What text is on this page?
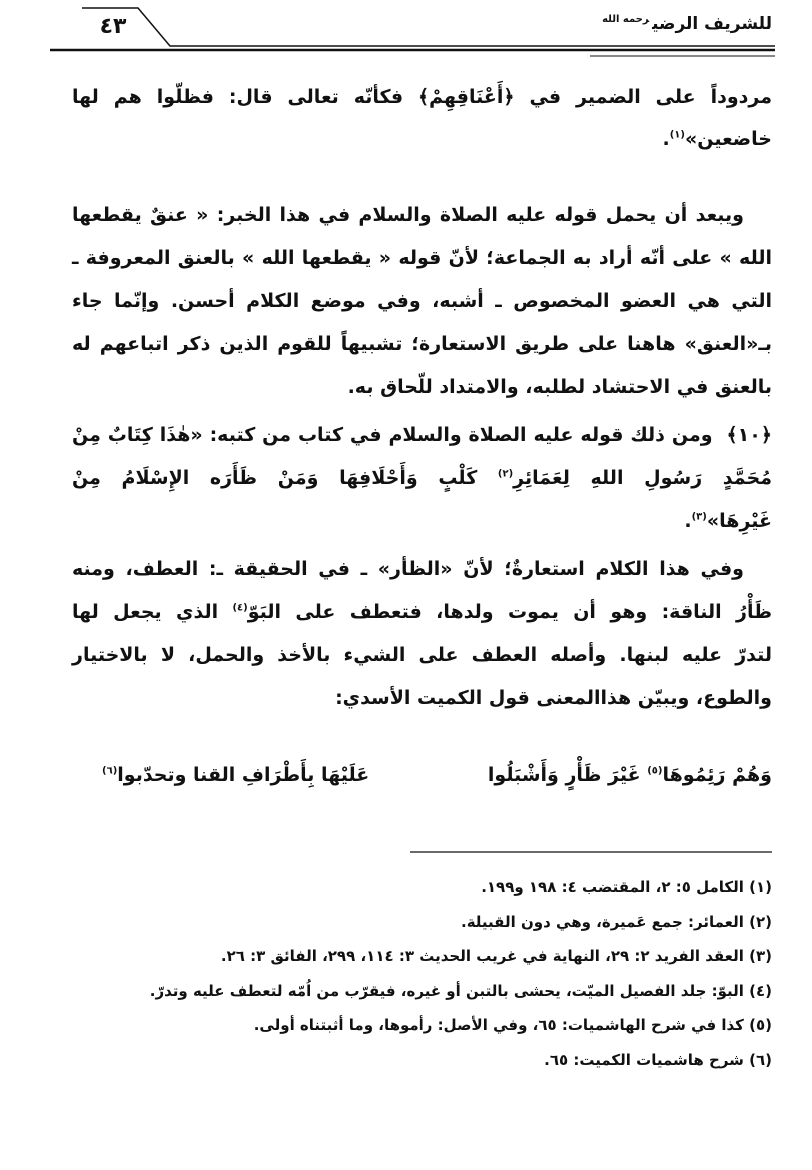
٤٣	للشريف الرضي$^{رحمه الله}$
مردوداً على الضمير في ﴿أَعْنَاقِهِمْ﴾ فكأنّه تعالى قال: فظلّوا هم لها
خاضعين»$^{(١)}$.
ويبعد أن يحمل قوله عليه الصلاة والسلام في هذا الخبر: « عنقٌ يقطعها
الله » على أنّه أراد به الجماعة؛ لأنّ قوله « يقطعها الله » بالعنق المعروفة ـ
التي هي العضو المخصوص ـ أشبه، وفي موضع الكلام أحسن. وإنّما جاء
بـ«العنق» هاهنا على طريق الاستعارة؛ تشبيهاً للقوم الذين ذكر اتباعهم له
بالعنق في الاحتشاد لطلبه، والامتداد للّحاق به.
﴿١٠﴾ومن ذلك قوله عليه الصلاة والسلام في كتاب من كتبه: «هٰذَا كِتَابٌ مِنْ
مُحَمَّدٍ رَسُولِ اللهِ لِعَمَائِرِ$^{(٢)}$ كَلْبٍ وَأَحْلَافِهَا وَمَنْ ظَأَرَه الإِسْلَامُ مِنْ
غَيْرِهَا»$^{(٣)}$.
وفي هذا الكلام استعارةٌ؛ لأنّ «الظأر» ـ في الحقيقة ـ: العطف، ومنه
ظَأْرُ الناقة: وهو أن يموت ولدها، فتعطف على البَوّ$^{(٤)}$ الذي يجعل لها
لتدرّ عليه لبنها. وأصله العطف على الشيء بالأخذ والحمل، لا بالاختيار
والطوع، ويبيّن هذاالمعنى قول الكميت الأسدي:
وَهُمْ رَئِمُوهَا$^{(٥)}$ غَيْرَ ظَأْرٍ وَأَشْبَلُوا
عَلَيْهَا بِأَطْرَافِ القنا وتحدّبوا$^{(٦)}$
(١) الكامل ٥: ٢، المقتضب ٤: ١٩٨ و١٩٩.
(٢) العمائر: جمع عَميرة، وهي دون القبيلة.
(٣) العقد الفريد ٢: ٢٩، النهاية في غريب الحديث ٣: ١١٤، ٢٩٩، الفائق ٣: ٢٦.
(٤) البوّ: جلد الفصيل الميّت، يحشى بالتبن أو غيره، فيقرّب من اُمّه لتعطف عليه وتدرّ.
(٥) كذا في شرح الهاشميات: ٦٥، وفي الأصل: رأموها، وما أثبتناه أولى.
(٦) شرح هاشميات الكميت: ٦٥.
